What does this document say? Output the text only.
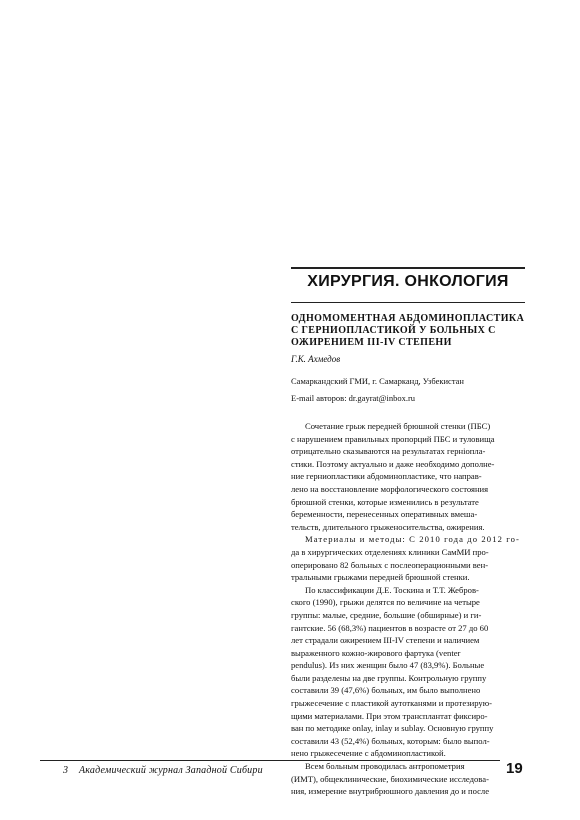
ХИРУРГИЯ. ОНКОЛОГИЯ
ОДНОМОМЕНТНАЯ АБДОМИНОПЛАСТИКА
С ГЕРНИОПЛАСТИКОЙ У БОЛЬНЫХ С
ОЖИРЕНИЕМ III-IV СТЕПЕНИ
Г.К. Ахмедов
Самаркандский ГМИ, г. Самарканд, Узбекистан
E-mail авторов: dr.gayrat@inbox.ru
Сочетание грыж передней брюшной стенки (ПБС)
с нарушением правильных пропорций ПБС и туловища
отрицательно сказываются на результатах гернiопла-
стики. Поэтому актуально и даже необходимо дополне-
ние герниопластики абдоминопластике, что направ-
лено на восстановление морфологического состояния
брюшной стенки, которые изменились в результате
беременности, перенесенных оперативных вмеша-
тельств, длительного грыженосительства, ожирения.
Материалы и методы: С 2010 года до 2012 го-
да в хирургических отделениях клиники СамМИ про-
оперировано 82 больных с послеоперационными вен-
тральными грыжами передней брюшной стенки.
По классификации Д.Е. Тоскина и Т.Т. Жебров-
ского (1990), грыжи делятся по величине на четыре
группы: малые, средние, большие (обширные) и ги-
гантские. 56 (68,3%) пациентов в возрасте от 27 до 60
лет страдали ожирением III-IV степени и наличием
выраженного кожно-жирового фартука (venter
pendulus). Из них женщин было 47 (83,9%). Больные
были разделены на две группы. Контрольную группу
составили 39 (47,6%) больных, им было выполнено
грыжесечение с пластикой аутотканями и протезирую-
щими материалами. При этом трансплантат фиксиро-
ван по методике onlay, inlay и sublay. Основную группу
составили 43 (52,4%) больных, которым: было выпол-
нено грыжесечение с абдоминопластикой.
Всем больным проводилась антропометрия
(ИМТ), общеклинические, биохимические исследова-
ния, измерение внутрибрюшного давления до и после
3 Академический журнал Западной Сибири	19
